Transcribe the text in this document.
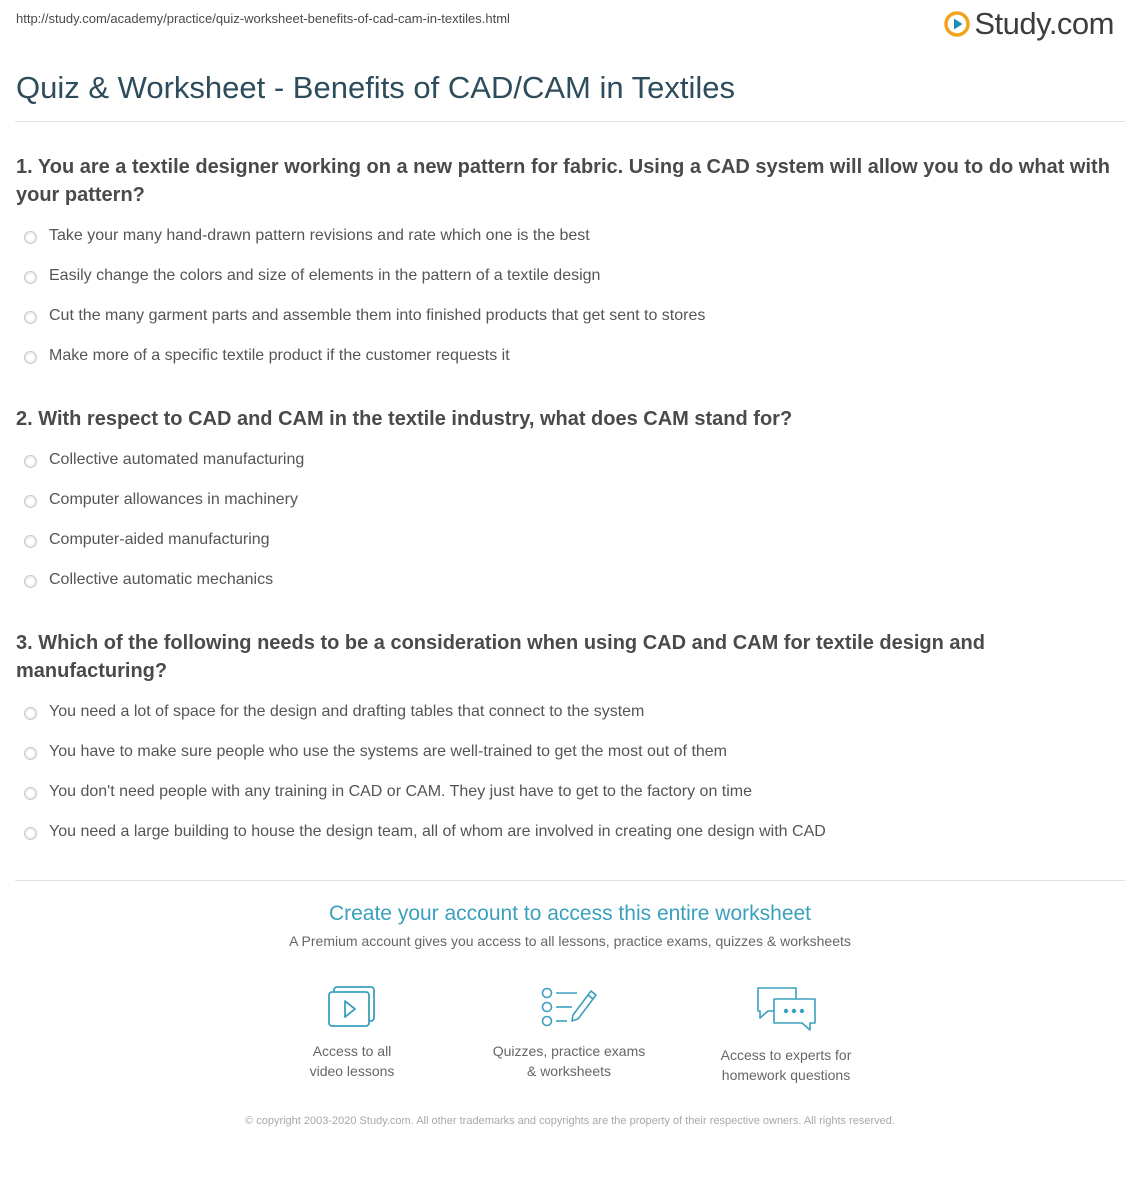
http://study.com/academy/practice/quiz-worksheet-benefits-of-cad-cam-in-textiles.html	Study.com
Quiz & Worksheet - Benefits of CAD/CAM in Textiles
1. You are a textile designer working on a new pattern for fabric. Using a CAD system will allow you to do what with your pattern?
Take your many hand-drawn pattern revisions and rate which one is the best
Easily change the colors and size of elements in the pattern of a textile design
Cut the many garment parts and assemble them into finished products that get sent to stores
Make more of a specific textile product if the customer requests it
2. With respect to CAD and CAM in the textile industry, what does CAM stand for?
Collective automated manufacturing
Computer allowances in machinery
Computer-aided manufacturing
Collective automatic mechanics
3. Which of the following needs to be a consideration when using CAD and CAM for textile design and manufacturing?
You need a lot of space for the design and drafting tables that connect to the system
You have to make sure people who use the systems are well-trained to get the most out of them
You don't need people with any training in CAD or CAM. They just have to get to the factory on time
You need a large building to house the design team, all of whom are involved in creating one design with CAD
Create your account to access this entire worksheet
A Premium account gives you access to all lessons, practice exams, quizzes & worksheets
Access to all
video lessons
Quizzes, practice exams
& worksheets
Access to experts for
homework questions
© copyright 2003-2020 Study.com. All other trademarks and copyrights are the property of their respective owners. All rights reserved.
